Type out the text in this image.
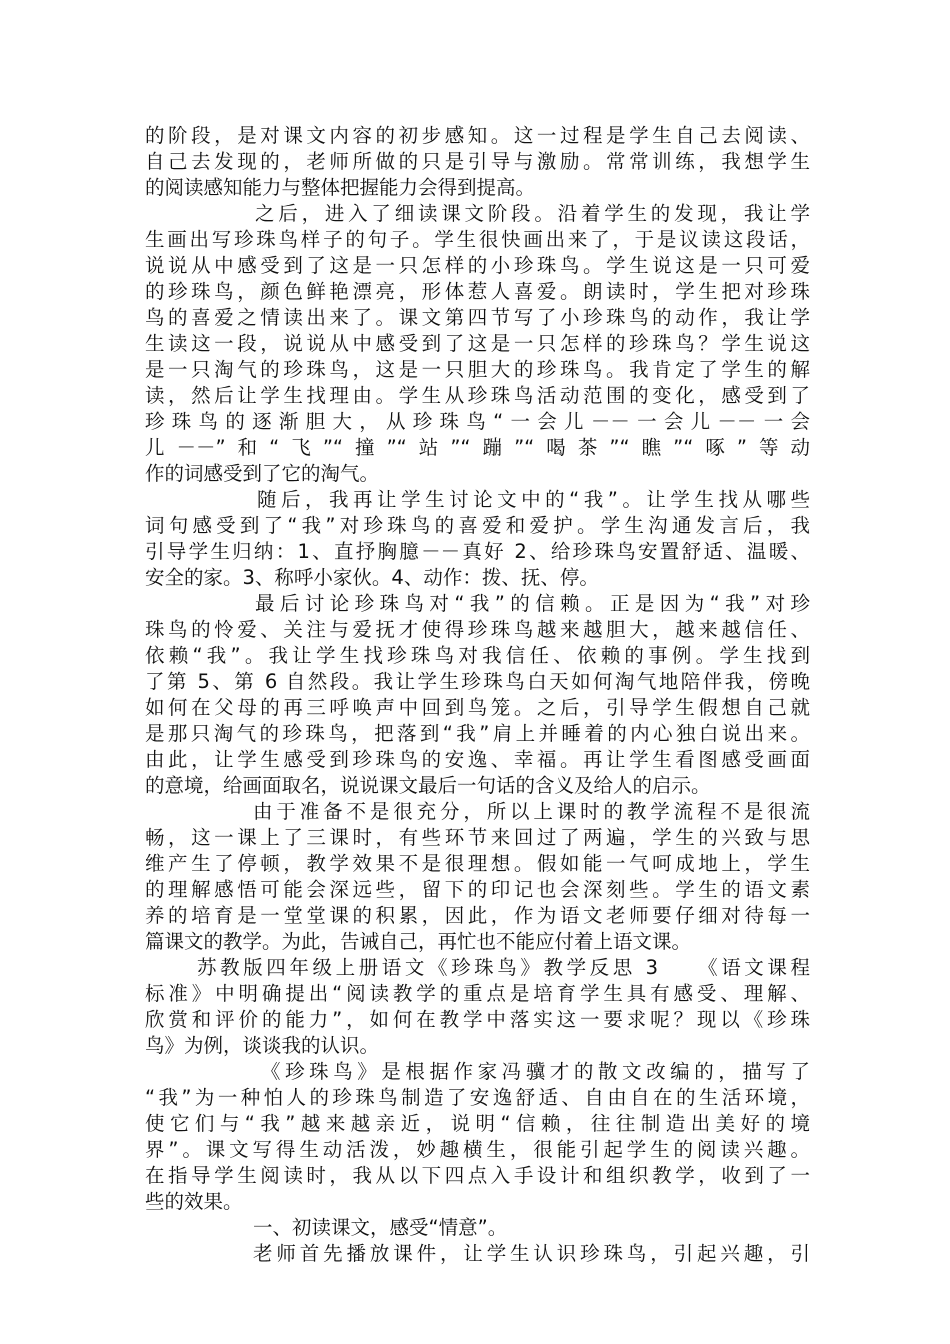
的阶段，是对课文内容的初步感知。这一过程是学生自己去阅读、
自己去发现的，老师所做的只是引导与激励。常常训练，我想学生
的阅读感知能力与整体把握能力会得到提高。
之后，进入了细读课文阶段。沿着学生的发现，我让学
生画出写珍珠鸟样子的句子。学生很快画出来了，于是议读这段话，
说说从中感受到了这是一只怎样的小珍珠鸟。学生说这是一只可爱
的珍珠鸟，颜色鲜艳漂亮，形体惹人喜爱。朗读时，学生把对珍珠
鸟的喜爱之情读出来了。课文第四节写了小珍珠鸟的动作，我让学
生读这一段，说说从中感受到了这是一只怎样的珍珠鸟？学生说这
是一只淘气的珍珠鸟，这是一只胆大的珍珠鸟。我肯定了学生的解
读，然后让学生找理由。学生从珍珠鸟活动范围的变化，感受到了
珍珠鸟的逐渐胆大，从珍珠鸟“一会儿－－一会儿－－一会
儿－－”和“飞”“撞”“站”“蹦”“喝茶”“瞧”“啄”等动
作的词感受到了它的淘气。
随后，我再让学生讨论文中的“我”。让学生找从哪些
词句感受到了“我”对珍珠鸟的喜爱和爱护。学生沟通发言后，我
引导学生归纳：1、直抒胸臆－－真好 2、给珍珠鸟安置舒适、温暖、
安全的家。3、称呼小家伙。4、动作：拨、抚、停。
最后讨论珍珠鸟对“我”的信赖。正是因为“我”对珍
珠鸟的怜爱、关注与爱抚才使得珍珠鸟越来越胆大，越来越信任、
依赖“我”。我让学生找珍珠鸟对我信任、依赖的事例。学生找到
了第 5、第 6 自然段。我让学生珍珠鸟白天如何淘气地陪伴我，傍晚
如何在父母的再三呼唤声中回到鸟笼。之后，引导学生假想自己就
是那只淘气的珍珠鸟，把落到“我”肩上并睡着的内心独白说出来。
由此，让学生感受到珍珠鸟的安逸、幸福。再让学生看图感受画面
的意境，给画面取名，说说课文最后一句话的含义及给人的启示。
由于准备不是很充分，所以上课时的教学流程不是很流
畅，这一课上了三课时，有些环节来回过了两遍，学生的兴致与思
维产生了停顿，教学效果不是很理想。假如能一气呵成地上，学生
的理解感悟可能会深远些，留下的印记也会深刻些。学生的语文素
养的培育是一堂堂课的积累，因此，作为语文老师要仔细对待每一
篇课文的教学。为此，告诫自己，再忙也不能应付着上语文课。
苏教版四年级上册语文《珍珠鸟》教学反思 3　　《语文课程
标准》中明确提出“阅读教学的重点是培育学生具有感受、理解、
欣赏和评价的能力”，如何在教学中落实这一要求呢？现以《珍珠
鸟》为例，谈谈我的认识。
《珍珠鸟》是根据作家冯骥才的散文改编的，描写了
“我”为一种怕人的珍珠鸟制造了安逸舒适、自由自在的生活环境，
使它们与“我”越来越亲近，说明“信赖，往往制造出美好的境
界”。课文写得生动活泼，妙趣横生，很能引起学生的阅读兴趣。
在指导学生阅读时，我从以下四点入手设计和组织教学，收到了一
些的效果。
一、初读课文，感受“情意”。
老师首先播放课件，让学生认识珍珠鸟，引起兴趣，引
